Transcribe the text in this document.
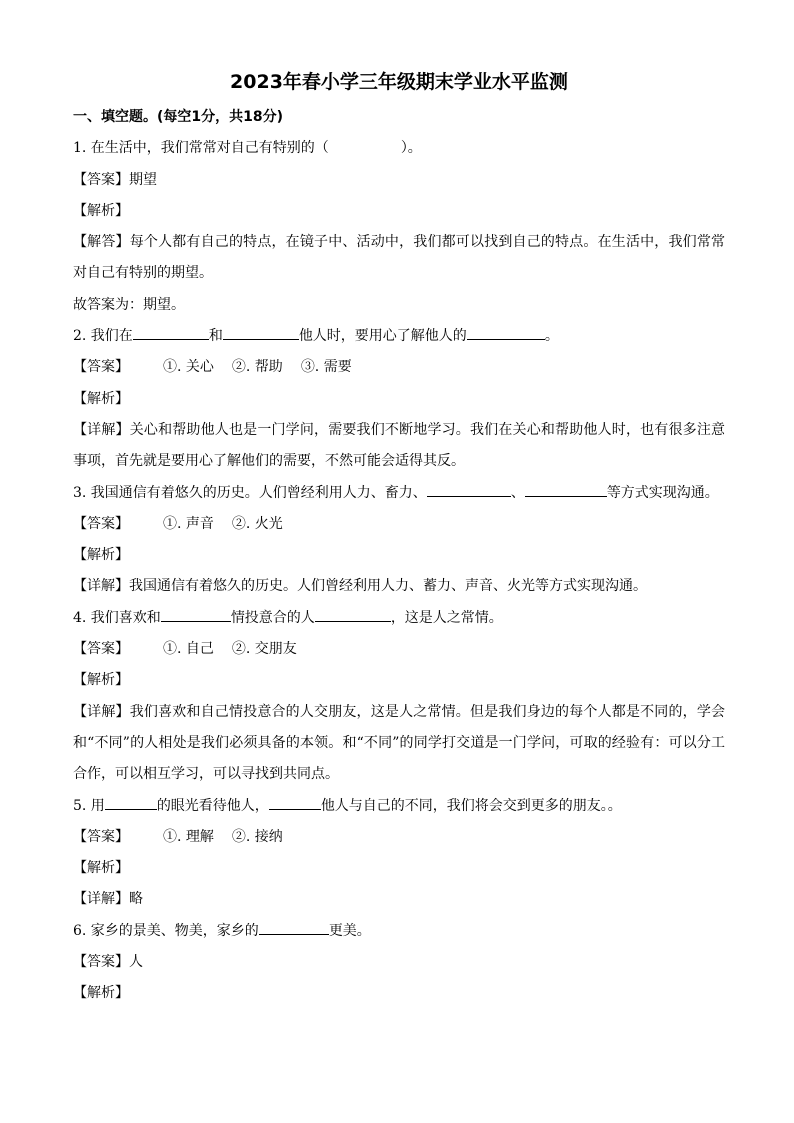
2023年春小学三年级期末学业水平监测
一、填空题。(每空1分，共18分)
1. 在生活中，我们常常对自己有特别的（	）。
【答案】期望
【解析】
【解答】每个人都有自己的特点，在镜子中、活动中，我们都可以找到自己的特点。在生活中，我们常常对自己有特别的期望。
故答案为：期望。
2. 我们在	和	他人时，要用心了解他人的	。
【答案】 ①. 关心 ②. 帮助 ③. 需要
【解析】
【详解】关心和帮助他人也是一门学问，需要我们不断地学习。我们在关心和帮助他人时，也有很多注意事项，首先就是要用心了解他们的需要，不然可能会适得其反。
3. 我国通信有着悠久的历史。人们曾经利用人力、畜力、	、	等方式实现沟通。
【答案】 ①. 声音 ②. 火光
【解析】
【详解】我国通信有着悠久的历史。人们曾经利用人力、蓄力、声音、火光等方式实现沟通。
4. 我们喜欢和	情投意合的人	，这是人之常情。
【答案】 ①. 自己 ②. 交朋友
【解析】
【详解】我们喜欢和自己情投意合的人交朋友，这是人之常情。但是我们身边的每个人都是不同的，学会和“不同”的人相处是我们必须具备的本领。和“不同”的同学打交道是一门学问，可取的经验有：可以分工合作，可以相互学习，可以寻找到共同点。
5. 用	的眼光看待他人，	他人与自己的不同，我们将会交到更多的朋友。。
【答案】 ①. 理解 ②. 接纳
【解析】
【详解】略
6. 家乡的景美、物美，家乡的	更美。
【答案】人
【解析】
